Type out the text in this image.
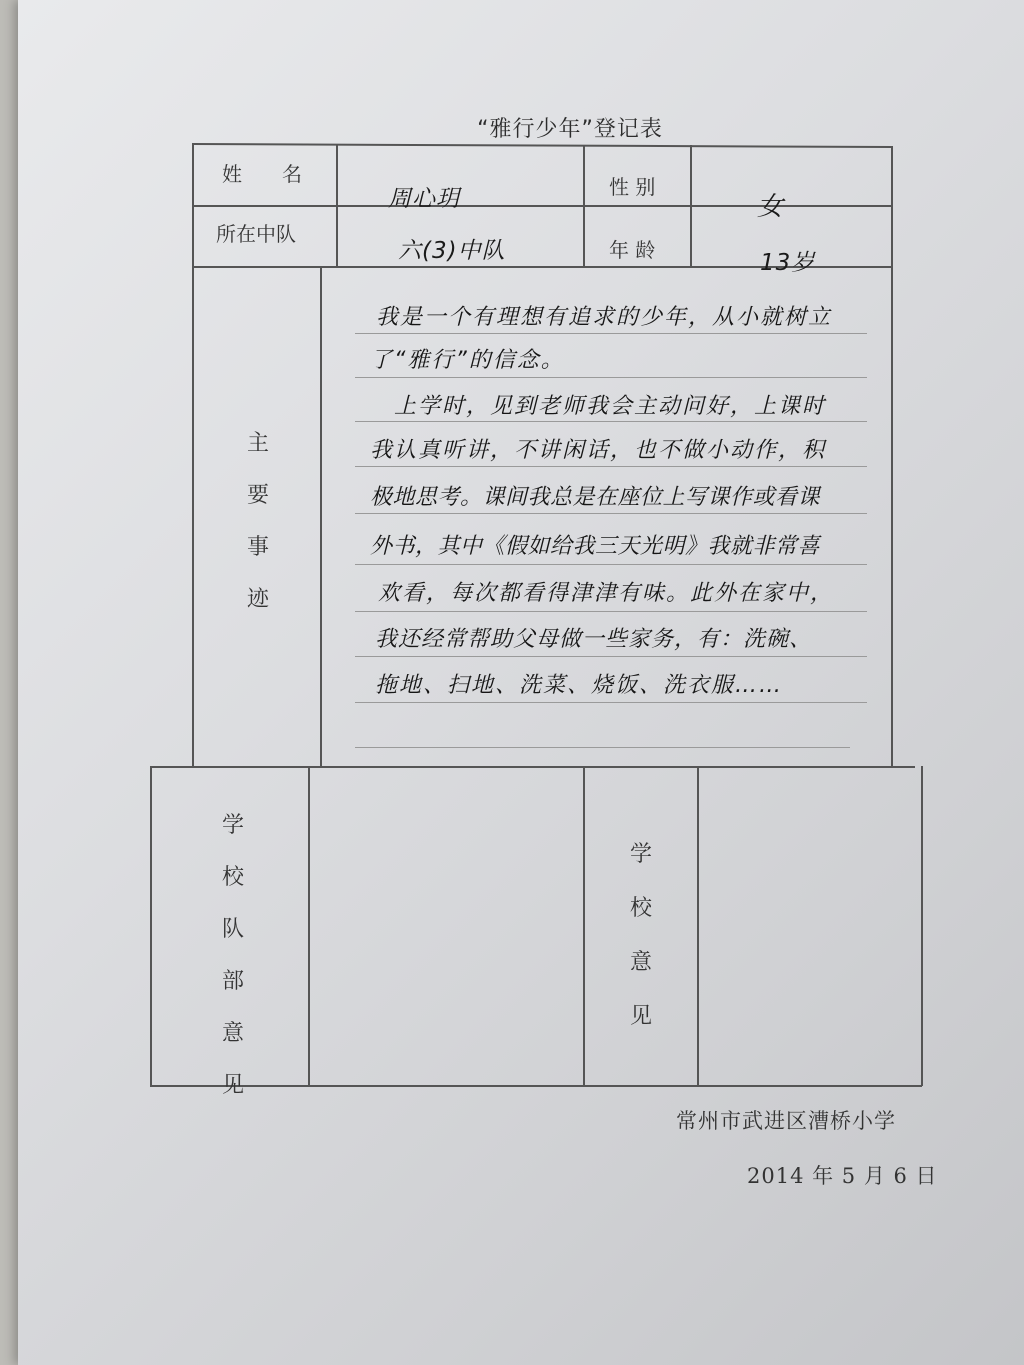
“雅行少年”登记表
姓　　名
性 别
所在中队
年 龄
周心玥	女
六(3)中队	13岁
主
要
事
迹
学
校
队
部
意
见
学
校
意
见
我是一个有理想有追求的少年，从小就树立
了“雅行”的信念。
　上学时，见到老师我会主动问好，上课时
我认真听讲，不讲闲话，也不做小动作，积
极地思考。课间我总是在座位上写课作或看课
外书，其中《假如给我三天光明》我就非常喜
欢看，每次都看得津津有味。此外在家中，
我还经常帮助父母做一些家务，有：洗碗、
拖地、扫地、洗菜、烧饭、洗衣服……
常州市武进区漕桥小学
2014 年 5 月 6 日
